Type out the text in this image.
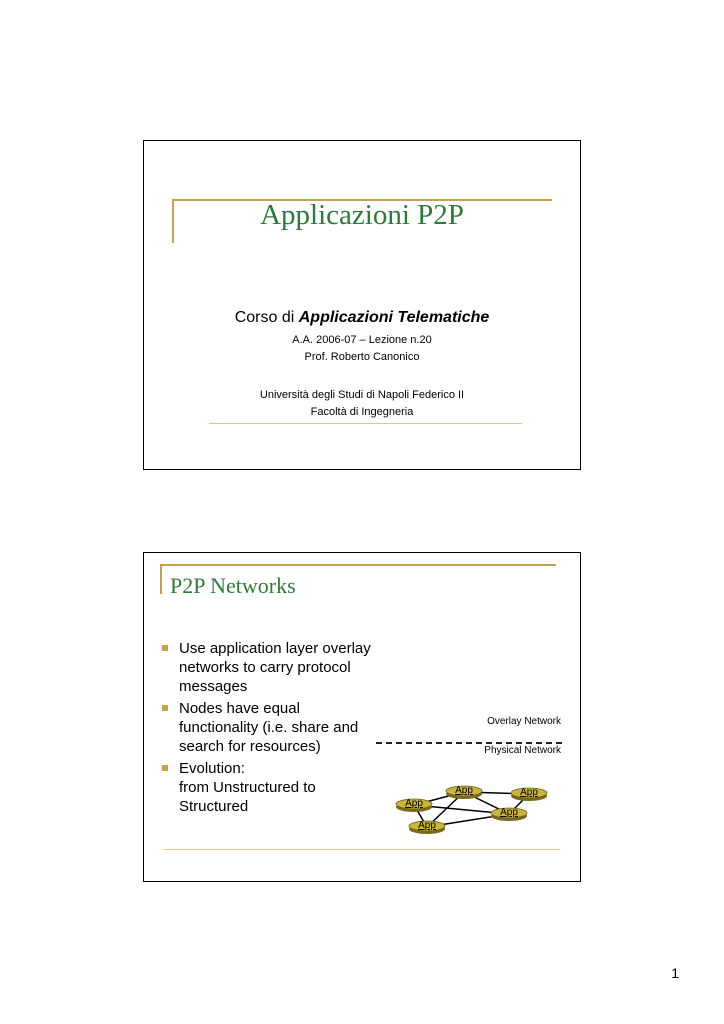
Applicazioni P2P
Corso di Applicazioni Telematiche
A.A. 2006-07 – Lezione n.20
Prof. Roberto Canonico
Università degli Studi di Napoli Federico II
Facoltà di Ingegneria
P2P Networks
Use application layer overlay
networks to carry protocol
messages
Nodes have equal
functionality (i.e. share and
search for resources)
Evolution:
from Unstructured to
Structured
Overlay Network
Physical Network
App	App
App
App
App
1
